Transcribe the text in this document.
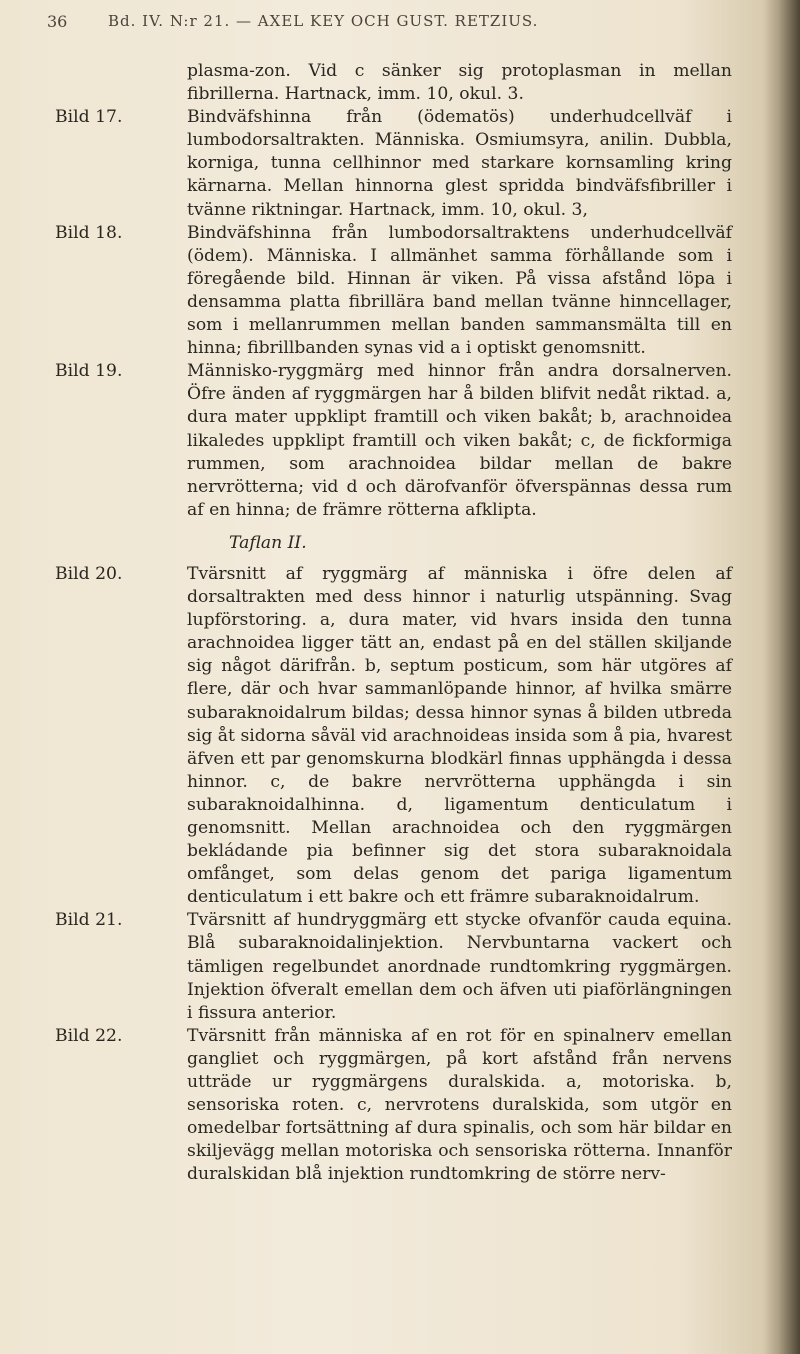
36	Bd. IV. N:r 21. — AXEL KEY OCH GUST. RETZIUS.
plasma-zon. Vid c sänker sig protoplasman in mellan fibrillerna. Hartnack, imm. 10, okul. 3.
Bild 17.	Bindväfshinna från (ödematös) underhudcellväf i lumbodorsaltrakten. Människa. Osmiumsyra, anilin. Dubbla, korniga, tunna cellhinnor med starkare kornsamling kring kärnarna. Mellan hinnorna glest spridda bindväfsfibriller i tvänne riktningar. Hartnack, imm. 10, okul. 3,
Bild 18.	Bindväfshinna från lumbodorsaltraktens underhudcellväf (ödem). Människa. I allmänhet samma förhållande som i föregående bild. Hinnan är viken. På vissa afstånd löpa i densamma platta fibrillära band mellan tvänne hinncellager, som i mellanrummen mellan banden sammansmälta till en hinna; fibrillbanden synas vid a i optiskt genomsnitt.
Bild 19.	Människo-ryggmärg med hinnor från andra dorsalnerven. Öfre änden af ryggmärgen har å bilden blifvit nedåt riktad. a, dura mater uppklipt framtill och viken bakåt; b, arachnoidea likaledes uppklipt framtill och viken bakåt; c, de fickformiga rummen, som arachnoidea bildar mellan de bakre nervrötterna; vid d och därofvanför öfverspännas dessa rum af en hinna; de främre rötterna afklipta.
Taflan II.
Bild 20.	Tvärsnitt af ryggmärg af människa i öfre delen af dorsaltrakten med dess hinnor i naturlig utspänning. Svag lupförstoring. a, dura mater, vid hvars insida den tunna arachnoidea ligger tätt an, endast på en del ställen skiljande sig något därifrån. b, septum posticum, som här utgöres af flere, där och hvar sammanlöpande hinnor, af hvilka smärre subaraknoidalrum bildas; dessa hinnor synas å bilden utbreda sig åt sidorna såväl vid arachnoideas insida som å pia, hvarest äfven ett par genomskurna blodkärl finnas upphängda i dessa hinnor. c, de bakre nervrötterna upphängda i sin subaraknoidalhinna. d, ligamentum denticulatum i genomsnitt. Mellan arachnoidea och den ryggmärgen bekládande pia befinner sig det stora subaraknoidala omfånget, som delas genom det pariga ligamentum denticulatum i ett bakre och ett främre subaraknoidalrum.
Bild 21.	Tvärsnitt af hundryggmärg ett stycke ofvanför cauda equina. Blå subaraknoidalinjektion. Nervbuntarna vackert och tämligen regelbundet anordnade rundtomkring ryggmärgen. Injektion öfveralt emellan dem och äfven uti piaförlängningen i fissura anterior.
Bild 22.	Tvärsnitt från människa af en rot för en spinalnerv emellan gangliet och ryggmärgen, på kort afstånd från nervens utträde ur ryggmärgens duralskida. a, motoriska. b, sensoriska roten. c, nervrotens duralskida, som utgör en omedelbar fortsättning af dura spinalis, och som här bildar en skiljevägg mellan motoriska och sensoriska rötterna. Innanför duralskidan blå injektion rundtomkring de större nerv-
